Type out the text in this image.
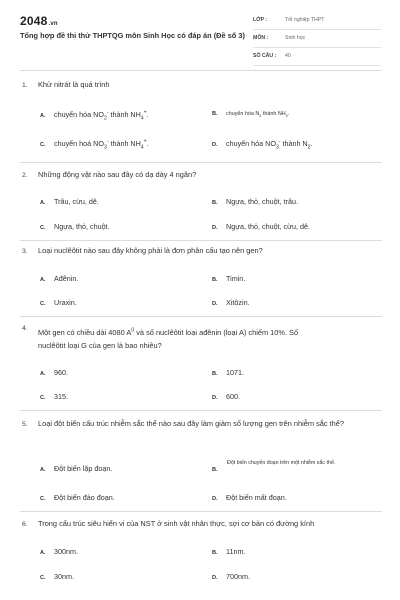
2048.vn
Tổng hợp đề thi thử THPTQG môn Sinh Học có đáp án (Đề số 3)
LỚP :	Tốt nghiệp THPT
MÔN :	Sinh học
SỐ CÂU : 40
1. Khử nitrát là quá trình
A. chuyển hóa $NO_2^-$ thành $NH_4^+$.	B. chuyển hóa $N_2$ thành $NH_3$.
C. chuyển hoá $NO_3^-$ thành $NH_4^+$.	D. chuyển hóa $NO_3^-$ thành $N_2$.
2. Những động vật nào sau đây có dạ dày 4 ngăn?
A. Trâu, cừu, dê.	B. Ngựa, thỏ, chuột, trâu.
C. Ngựa, thỏ, chuột.	D. Ngựa, thỏ, chuột, cừu, dê.
3. Loại nuclêôtit nào sau đây không phải là đơn phân cấu tạo nên gen?
A. Ađênin.	B. Timin.
C. Uraxin.	D. Xitôzin.
4. Một gen có chiều dài 4080 $A^0$ và số nuclêôtit loại ađênin (loại A) chiếm 10%. Số
nuclêôtit loại G của gen là bao nhiêu?
A. 960.	B. 1071.
C. 315.	D. 600.
5. Loại đột biến cấu trúc nhiễm sắc thể nào sau đây làm giảm số lượng gen trên nhiễm sắc thể?
A. Đột biến lặp đoạn.	B.
Đột biến chuyển đoạn trên một nhiễm sắc thể.
C. Đột biến đảo đoạn.	D. Đột biến mất đoạn.
6. Trong cấu trúc siêu hiển vi của NST ở sinh vật nhân thực, sợi cơ bản có đường kính
A. 300nm.	B. 11nm.
C. 30nm.	D. 700nm.
